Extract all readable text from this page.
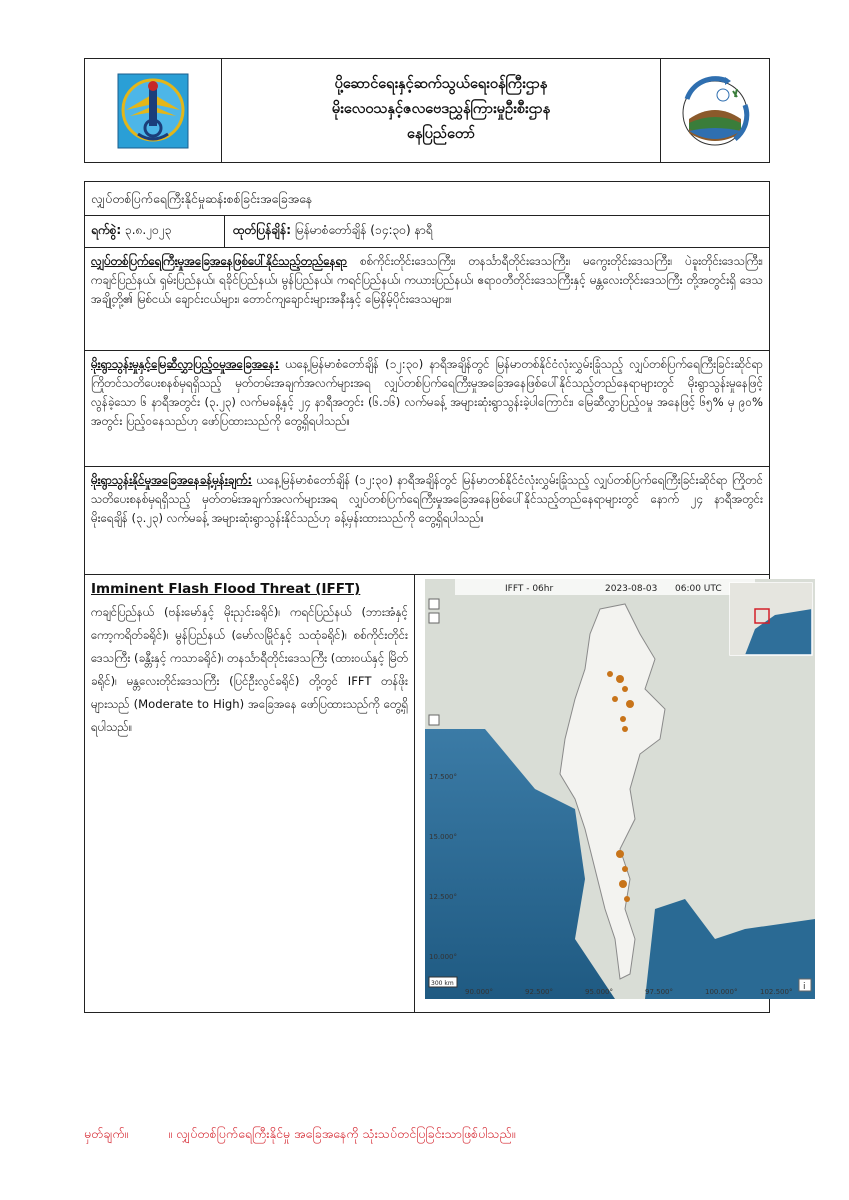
ပို့ဆောင်ရေးနှင့်ဆက်သွယ်ရေးဝန်ကြီးဌာန
မိုးလေဝသနှင့်ဇလဗေဒညွှန်ကြားမှုဦးစီးဌာန
နေပြည်တော်
လျှပ်တစ်ပြက်ရေကြီးနိုင်မှုဆန်းစစ်ခြင်းအခြေအနေ
ရက်စွဲ: ၃.၈.၂၀၂၃	ထုတ်ပြန်ချိန်: မြန်မာစံတော်ချိန် (၁၄:၃၀) နာရီ
လျှပ်တစ်ပြက်ရေကြီးမှုအခြေအနေဖြစ်ပေါ်နိုင်သည့်တည်နေရာ စစ်ကိုင်းတိုင်းဒေသကြီး၊ တနင်္သာရီတိုင်းဒေသကြီး၊ မကွေးတိုင်းဒေသကြီး၊ ပဲခူးတိုင်းဒေသကြီး၊ ကချင်ပြည်နယ်၊ ရှမ်းပြည်နယ်၊ ရခိုင်ပြည်နယ်၊ မွန်ပြည်နယ်၊ ကရင်ပြည်နယ်၊ ကယားပြည်နယ်၊ ဧရာဝတီတိုင်းဒေသကြီးနှင့် မန္တလေးတိုင်းဒေသကြီး တို့အတွင်းရှိ ဒေသအချို့တို့၏ မြစ်ငယ်၊ ချောင်းငယ်များ၊ တောင်ကျချောင်းများအနီးနှင့် မြေနိမ့်ပိုင်းဒေသများ။
မိုးရွာသွန်းမှုနှင့်မြေဆီလွှာပြည့်ဝမှုအခြေအနေ: ယနေ့မြန်မာစံတော်ချိန် (၁၂:၃၀) နာရီအချိန်တွင် မြန်မာတစ်နိုင်ငံလုံးလွှမ်းခြုံသည့် လျှပ်တစ်ပြက်ရေကြီးခြင်းဆိုင်ရာ ကြိုတင်သတိပေးစနစ်မှရရှိသည့် မှတ်တမ်းအချက်အလက်များအရ လျှပ်တစ်ပြက်ရေကြီးမှုအခြေအနေဖြစ်ပေါ်နိုင်သည့်တည်နေရာများတွင် မိုးရွာသွန်းမှုနေဖြင့် လွန်ခဲ့သော ၆ နာရီအတွင်း (၃.၂၃) လက်မခန့်နှင့် ၂၄ နာရီအတွင်း (၆.၁၆) လက်မခန့် အများဆုံးရွာသွန်းခဲ့ပါကြောင်း၊ မြေဆီလွှာပြည့်ဝမှု အနေဖြင့် ၆၅% မှ ၉၀% အတွင်း ပြည့်ဝနေသည်ဟု ဖော်ပြထားသည်ကို တွေ့ရှိရပါသည်။
မိုးရွာသွန်းနိုင်မှုအခြေအနေခန့်မှန်းချက်: ယနေ့မြန်မာစံတော်ချိန် (၁၂:၃၀) နာရီအချိန်တွင် မြန်မာတစ်နိုင်ငံလုံးလွှမ်းခြုံသည့် လျှပ်တစ်ပြက်ရေကြီးခြင်းဆိုင်ရာ ကြိုတင်သတိပေးစနစ်မှရရှိသည့် မှတ်တမ်းအချက်အလက်များအရ လျှပ်တစ်ပြက်ရေကြီးမှုအခြေအနေဖြစ်ပေါ်နိုင်သည့်တည်နေရာများတွင် နောက် ၂၄ နာရီအတွင်း မိုးရေချိန် (၃.၂၃) လက်မခန့် အများဆုံးရွာသွန်းနိုင်သည်ဟု ခန့်မှန်းထားသည်ကို တွေ့ရှိရပါသည်။
Imminent Flash Flood Threat (IFFT)
ကချင်ပြည်နယ် (ဗန်းမော်နှင့် မိုးညှင်းခရိုင်)၊ ကရင်ပြည်နယ် (ဘားအံနှင့် ကော့ကရိတ်ခရိုင်)၊ မွန်ပြည်နယ် (မော်လမြိုင်နှင့် သထုံခရိုင်)၊ စစ်ကိုင်းတိုင်းဒေသကြီး (ခန္တီးနှင့် ကသာခရိုင်)၊ တနင်္သာရီတိုင်းဒေသကြီး (ထားဝယ်နှင့် မြိတ်ခရိုင်)၊ မန္တလေးတိုင်းဒေသကြီး (ပြင်ဦးလွင်ခရိုင်) တို့တွင် IFFT တန်ဖိုးများသည် (Moderate to High) အခြေအနေ ဖော်ပြထားသည်ကို တွေ့ရှိရပါသည်။
IFFT - 06hr	2023-08-03 06:00 UTC
17.500°
15.000°
12.500°
10.000°
90.000°	92.500°	95.000°	97.500°	100.000°	102.500°
300 km	i
မှတ်ချက်။	။ လျှပ်တစ်ပြက်ရေကြီးနိုင်မှု အခြေအနေကို သုံးသပ်တင်ပြခြင်းသာဖြစ်ပါသည်။
